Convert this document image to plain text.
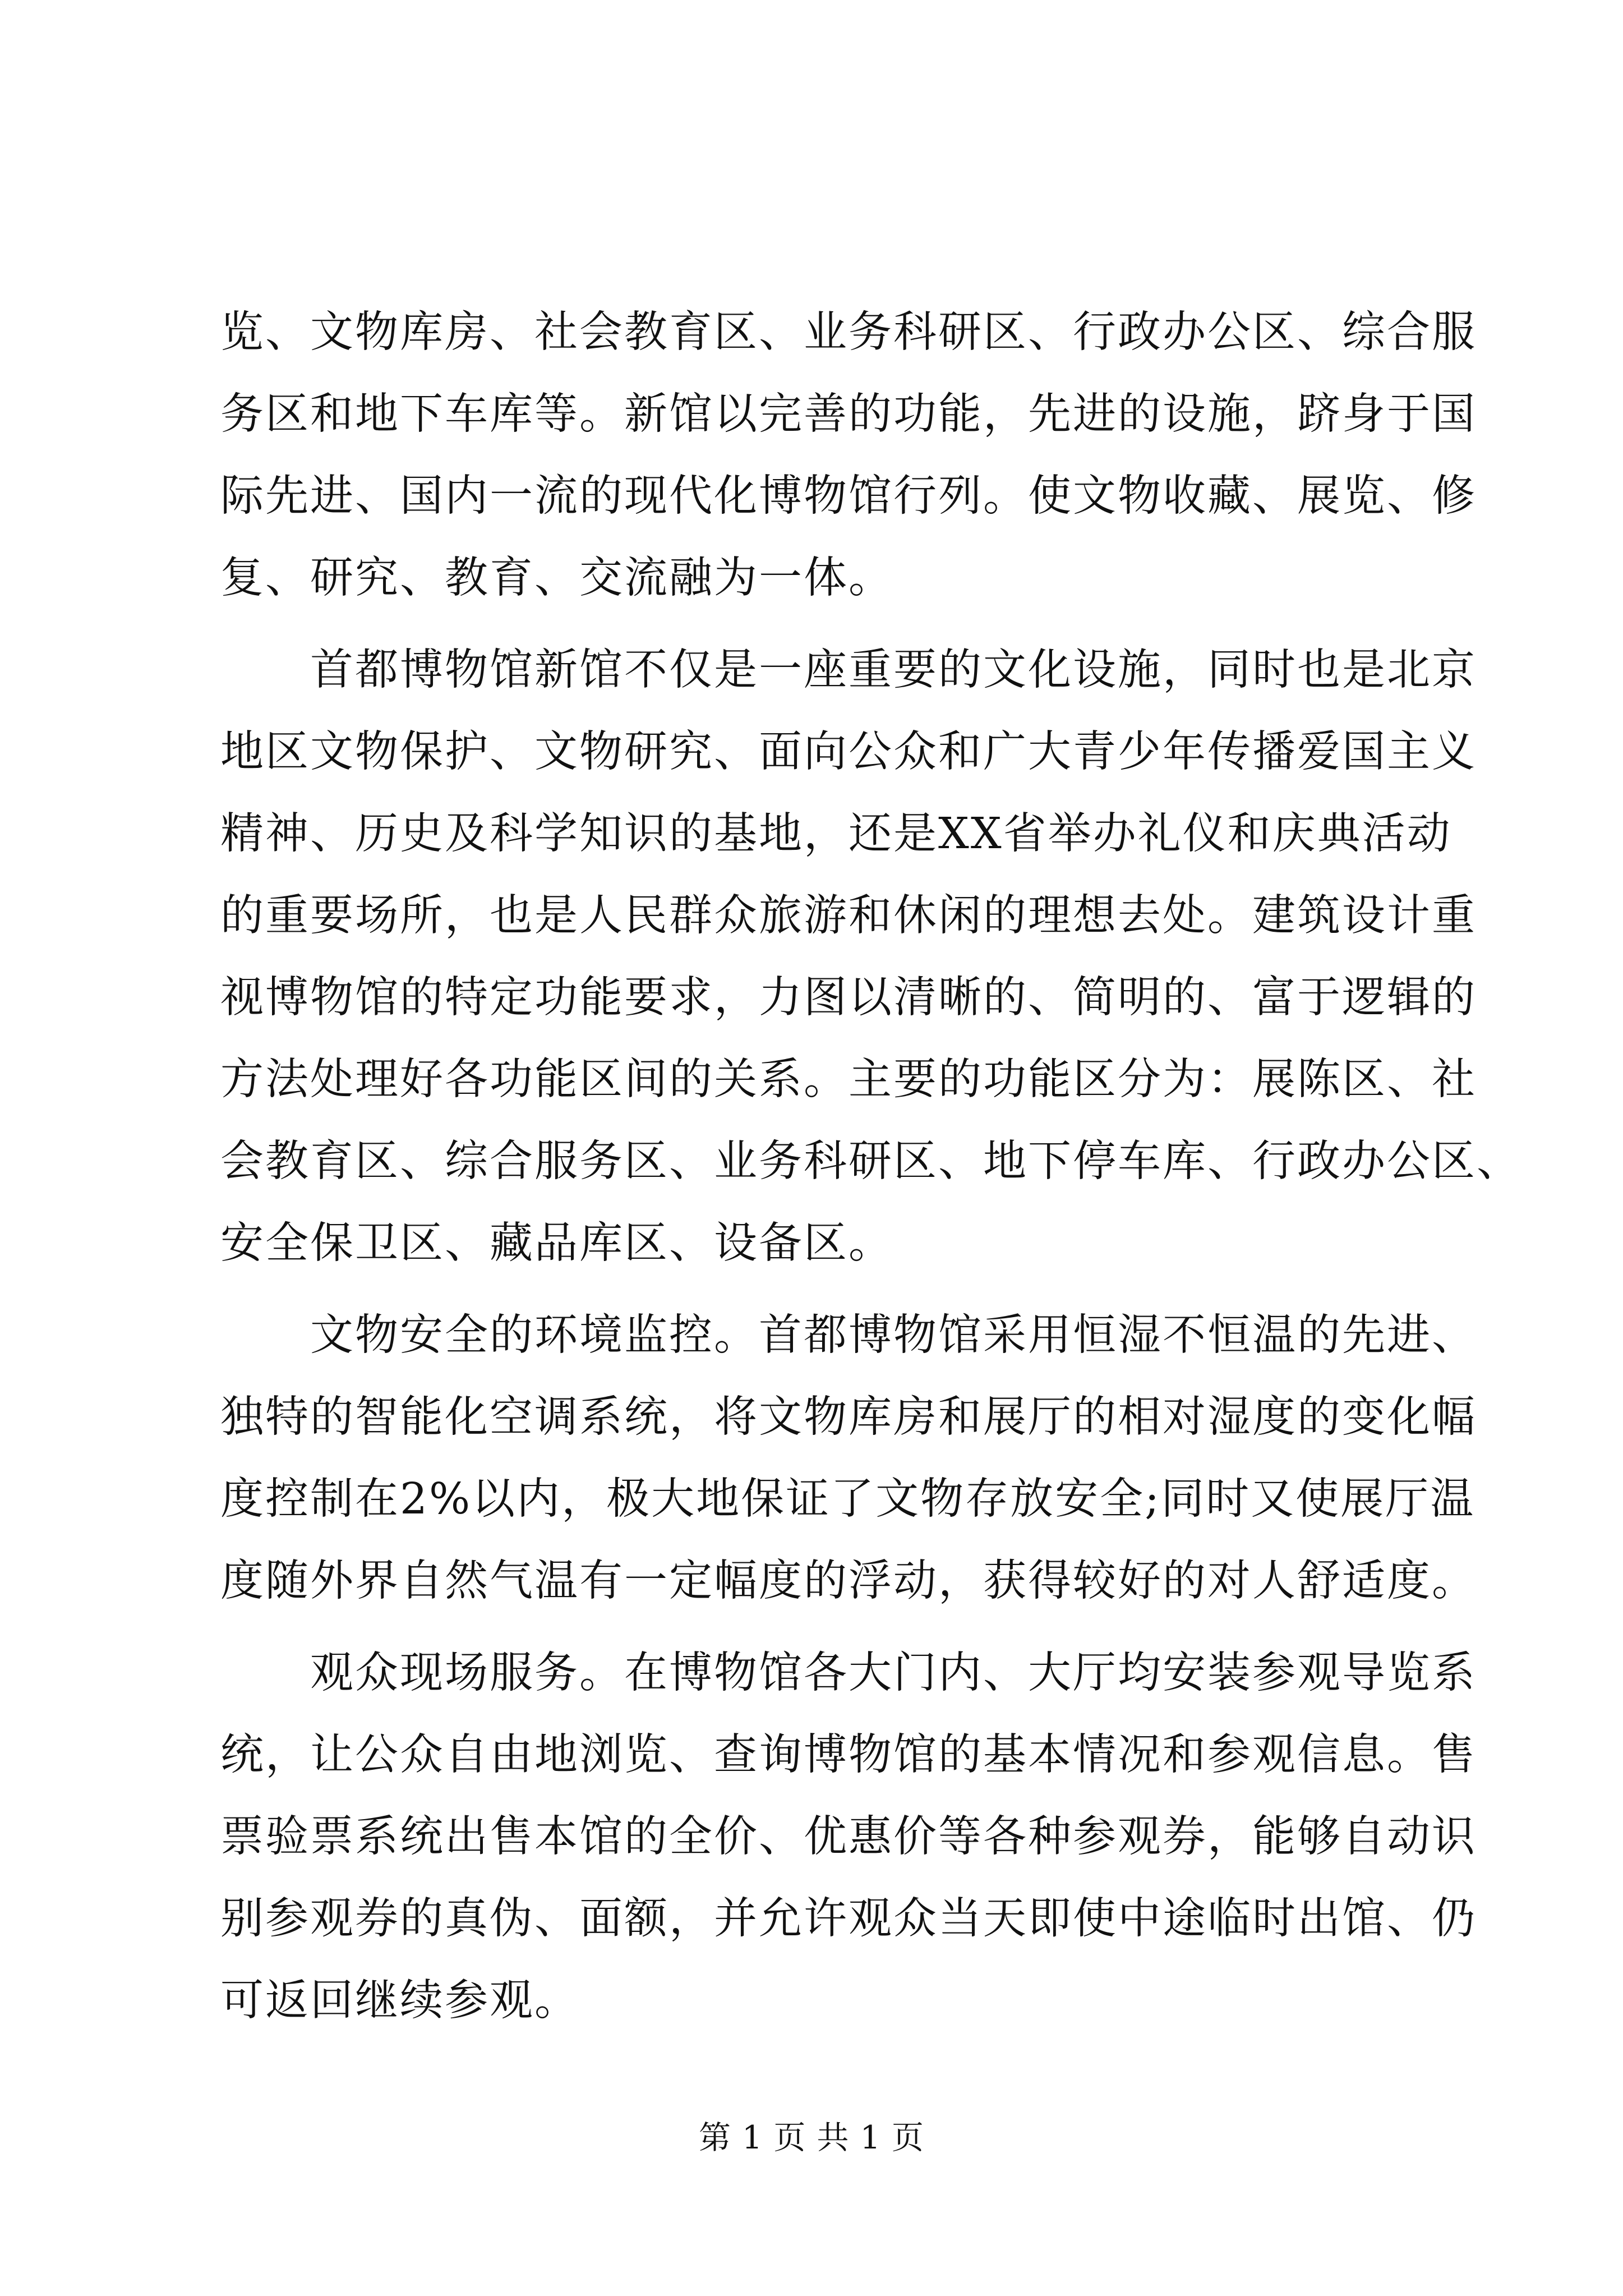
览、文物库房、社会教育区、业务科研区、行政办公区、综合服
务区和地下车库等。新馆以完善的功能，先进的设施，跻身于国
际先进、国内一流的现代化博物馆行列。使文物收藏、展览、修
复、研究、教育、交流融为一体。
　　首都博物馆新馆不仅是一座重要的文化设施，同时也是北京
地区文物保护、文物研究、面向公众和广大青少年传播爱国主义
精神、历史及科学知识的基地，还是XX省举办礼仪和庆典活动
的重要场所，也是人民群众旅游和休闲的理想去处。建筑设计重
视博物馆的特定功能要求，力图以清晰的、简明的、富于逻辑的
方法处理好各功能区间的关系。主要的功能区分为：展陈区、社
会教育区、综合服务区、业务科研区、地下停车库、行政办公区、
安全保卫区、藏品库区、设备区。
　　文物安全的环境监控。首都博物馆采用恒湿不恒温的先进、
独特的智能化空调系统，将文物库房和展厅的相对湿度的变化幅
度控制在2%以内，极大地保证了文物存放安全;同时又使展厅温
度随外界自然气温有一定幅度的浮动，获得较好的对人舒适度。
　　观众现场服务。在博物馆各大门内、大厅均安装参观导览系
统，让公众自由地浏览、查询博物馆的基本情况和参观信息。售
票验票系统出售本馆的全价、优惠价等各种参观券，能够自动识
别参观券的真伪、面额，并允许观众当天即使中途临时出馆、仍
可返回继续参观。
第 1 页 共 1 页
